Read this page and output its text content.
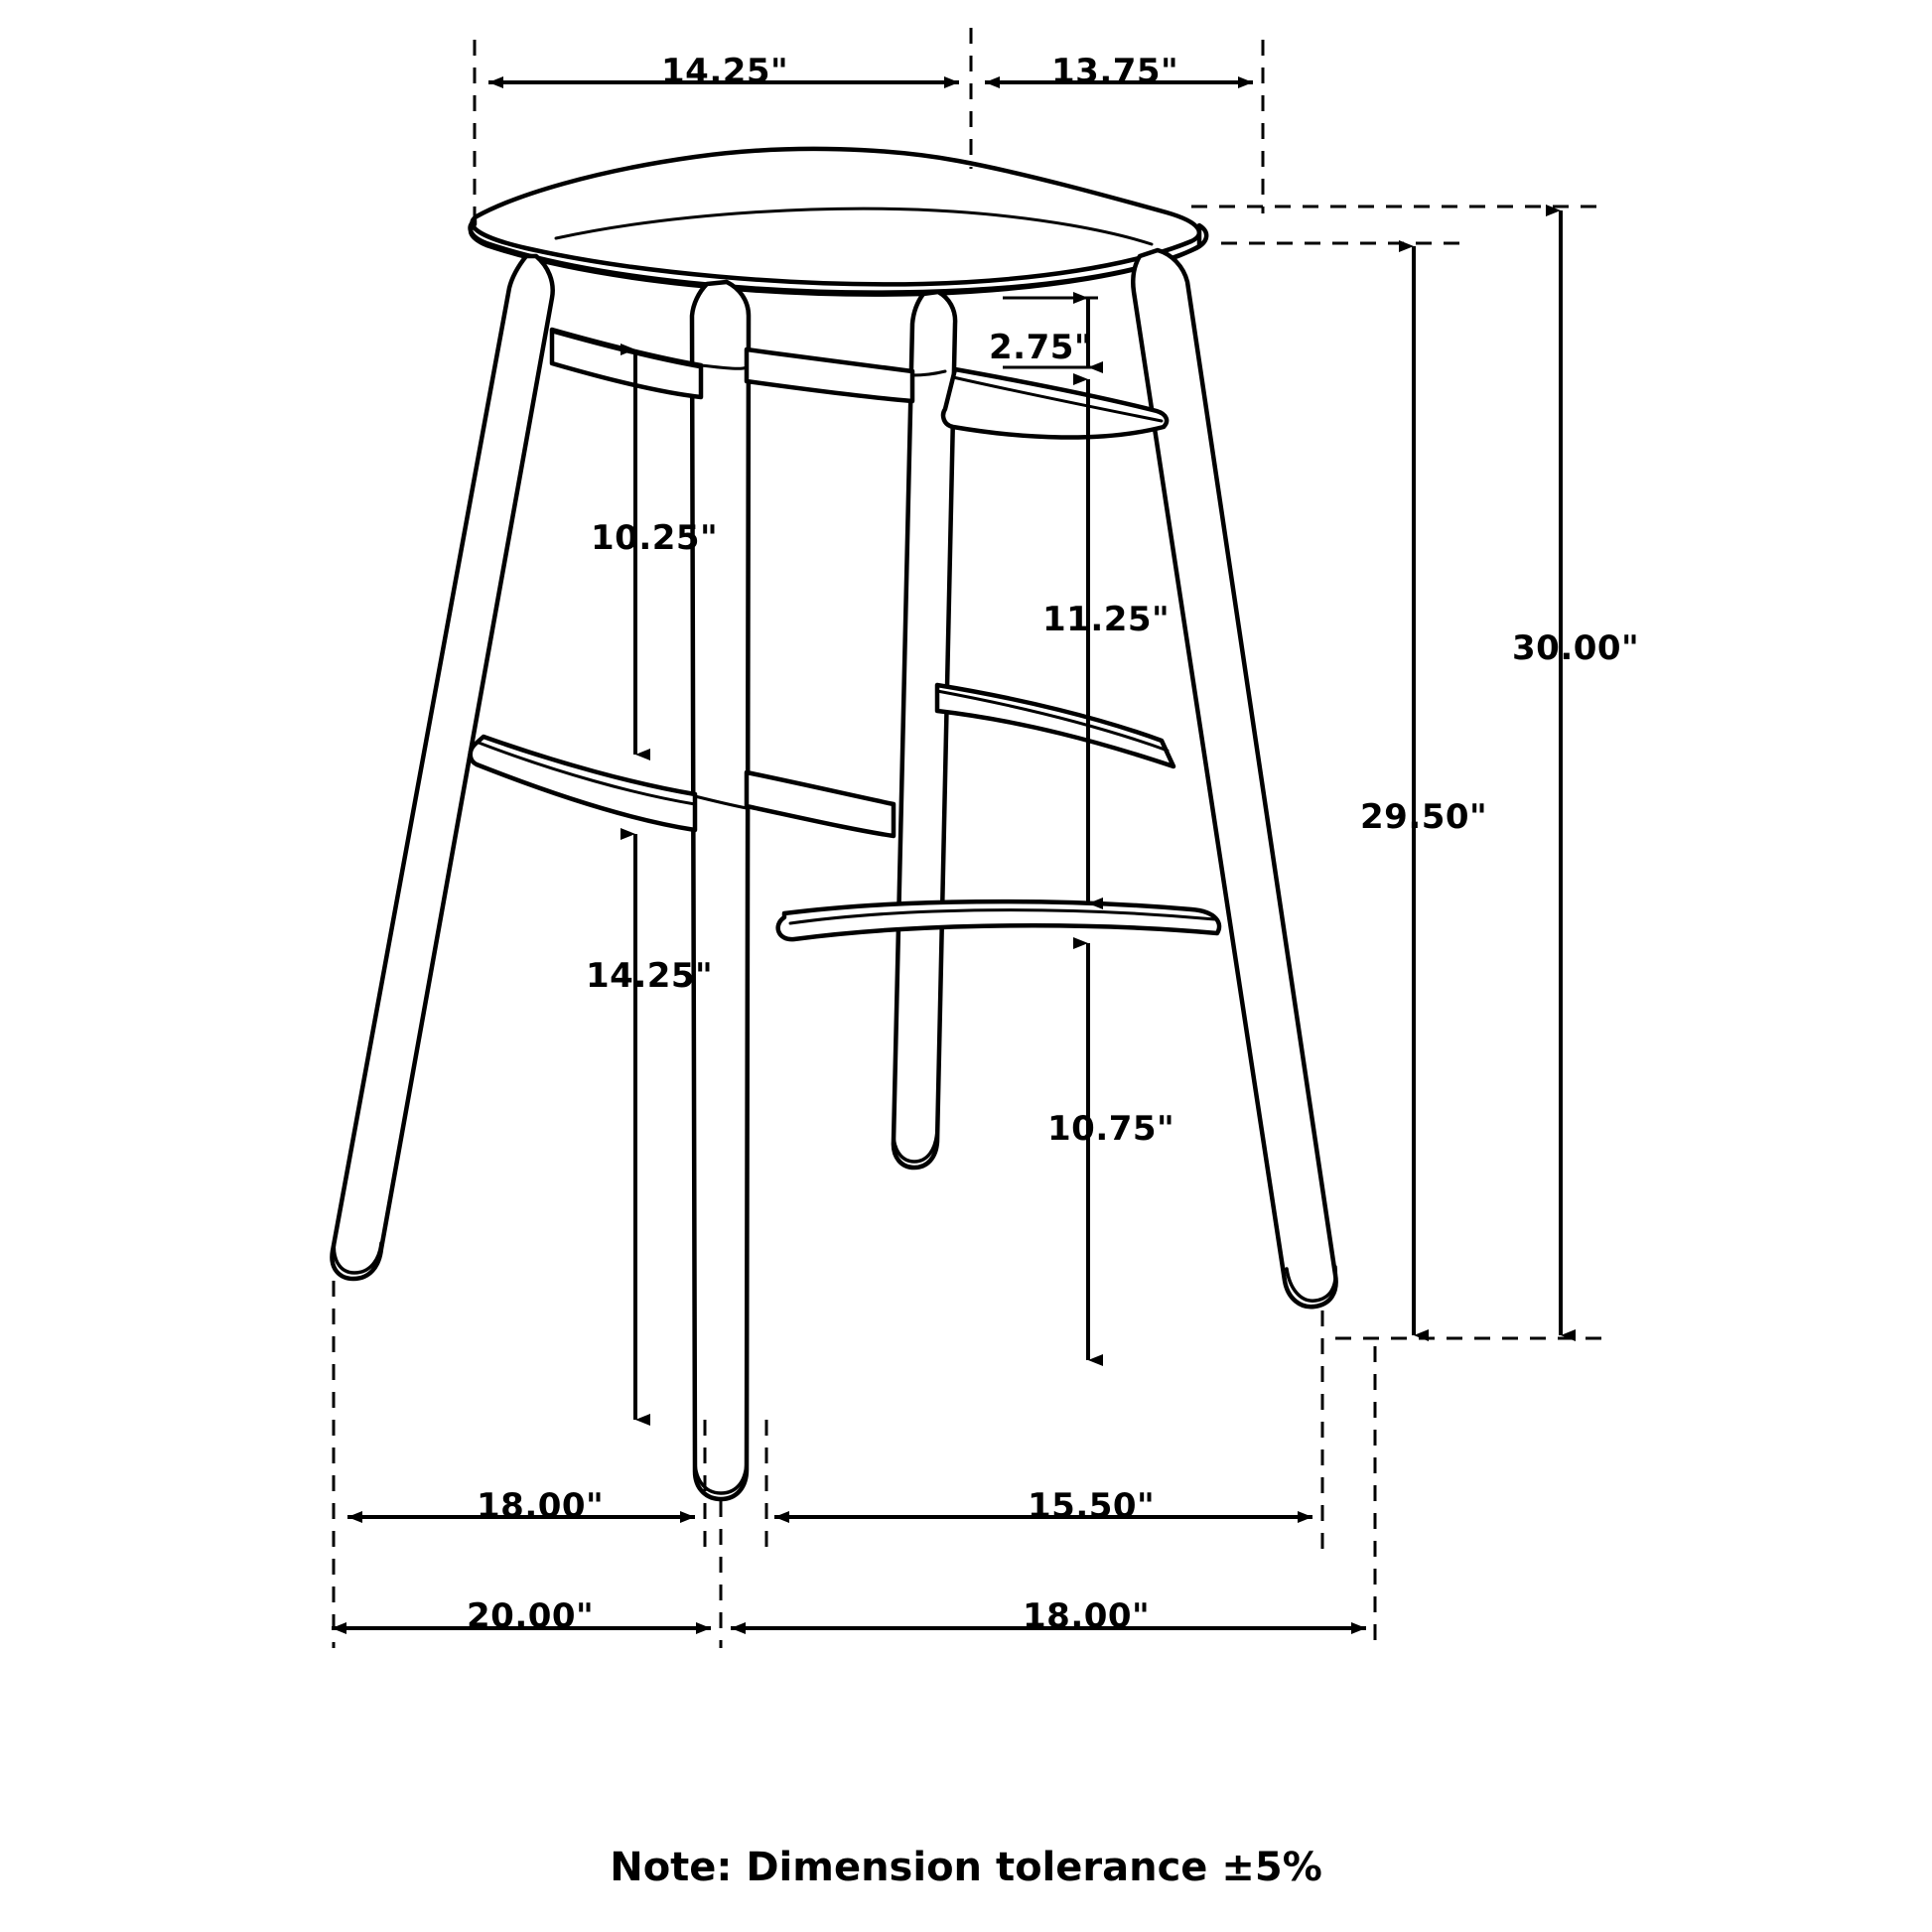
14.25"	13.75"
2.75"
10.25"
11.25"
30.00"
29.50"
14.25"
10.75"
18.00"	15.50"
20.00"	18.00"
Note: Dimension tolerance ±5%
